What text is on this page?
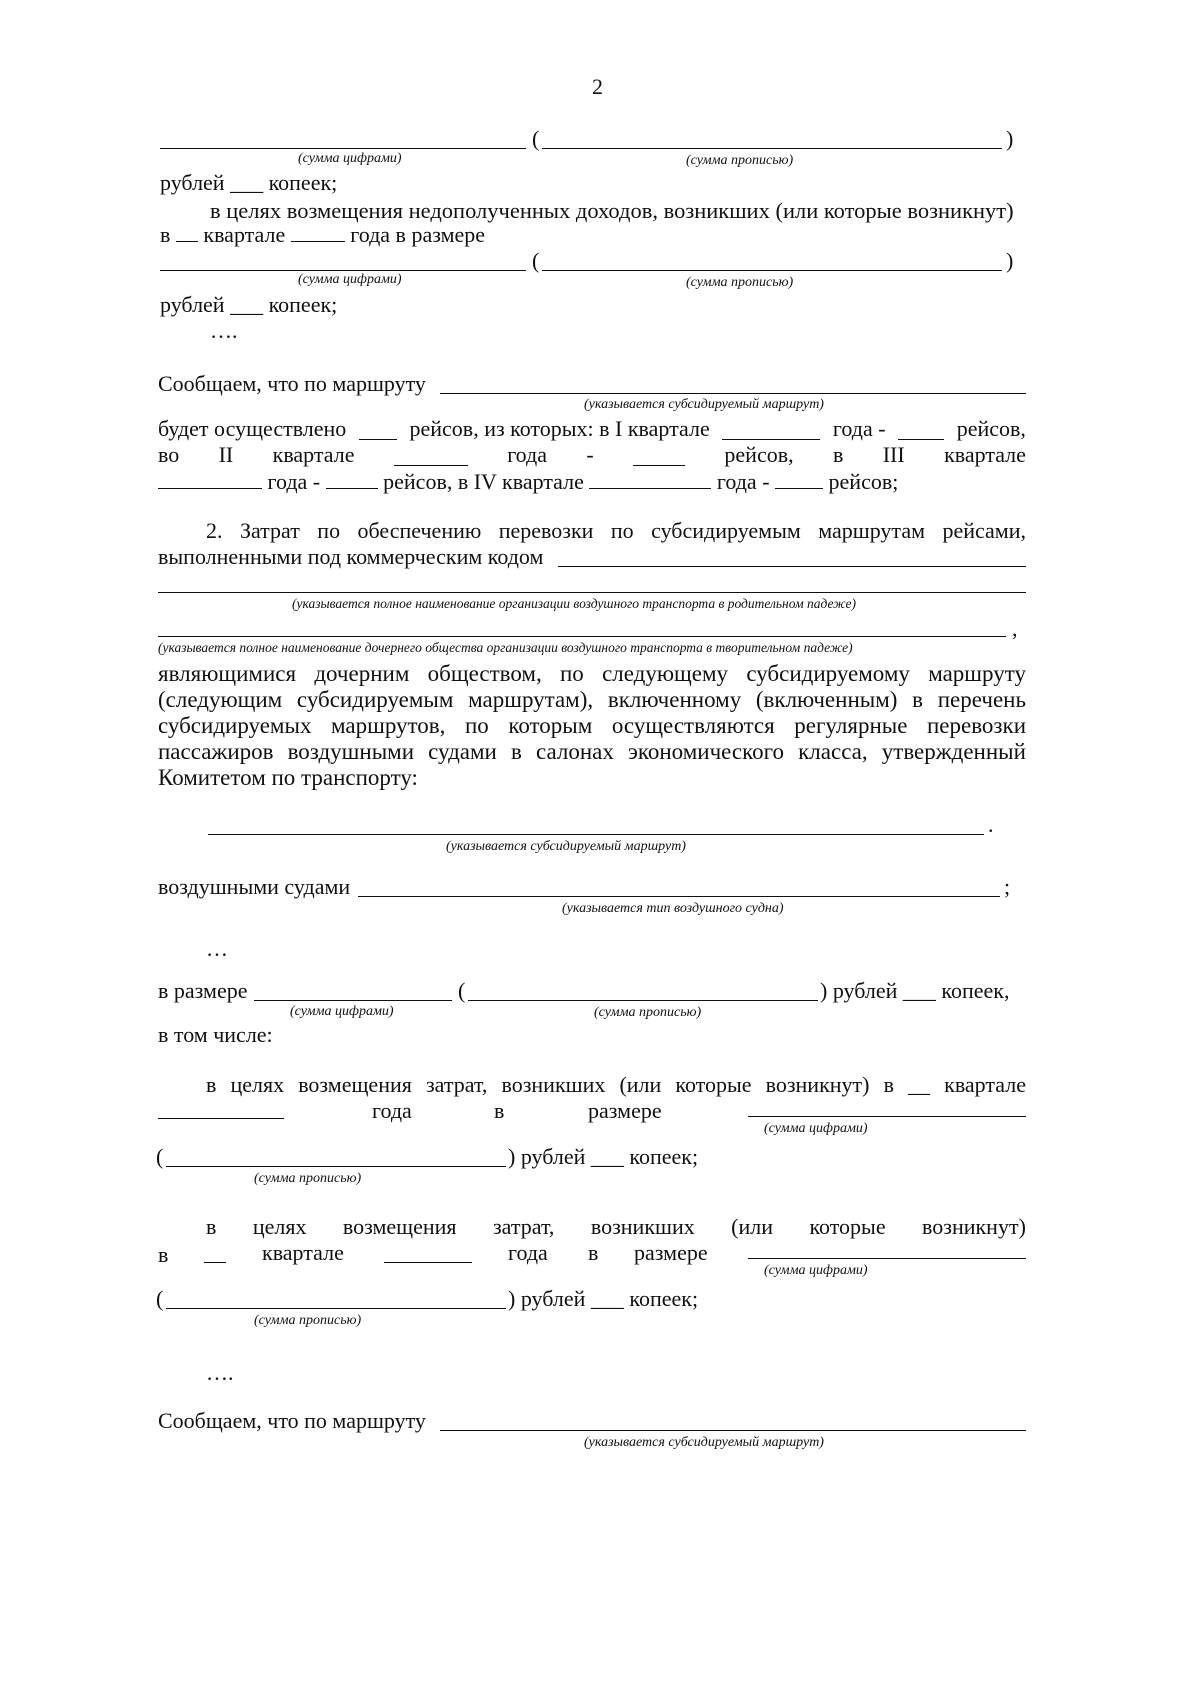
2
(	)
(сумма цифрами)	(сумма прописью)
рублей ___ копеек;
в целях возмещения недополученных доходов, возникших (или которые возникнут)
в квартале	года в размере
(	)
(сумма цифрами)	(сумма прописью)
рублей ___ копеек;
….
Сообщаем, что по маршруту
(указывается субсидируемый маршрут)
будет осуществлено	рейсов, из которых: в I квартале	года -	рейсов,
во II квартале	года -	рейсов, в III квартале
года -	рейсов, в IV квартале	года -	рейсов;
2. Затрат по обеспечению перевозки по субсидируемым маршрутам рейсами,
выполненными под коммерческим кодом
(указывается полное наименование организации воздушного транспорта в родительном падеже)
,
(указывается полное наименование дочернего общества организации воздушного транспорта в творительном падеже)
являющимися дочерним обществом, по следующему субсидируемому маршруту
(следующим субсидируемым маршрутам), включенному (включенным) в перечень
субсидируемых маршрутов, по которым осуществляются регулярные перевозки
пассажиров воздушными судами в салонах экономического класса, утвержденный
Комитетом по транспорту:
.
(указывается субсидируемый маршрут)
воздушными судами	;
(указывается тип воздушного судна)
…
в размере	(	) рублей ___ копеек,
(сумма цифрами)	(сумма прописью)
в том числе:
в целях возмещения затрат, возникших (или которые возникнут) в __ квартале
года	в	размере
(сумма цифрами)
(	) рублей ___ копеек;
(сумма прописью)
в целях возмещения затрат, возникших (или которые возникнут)
в	квартале	года в размере
(сумма цифрами)
(	) рублей ___ копеек;
(сумма прописью)
….
Сообщаем, что по маршруту
(указывается субсидируемый маршрут)
